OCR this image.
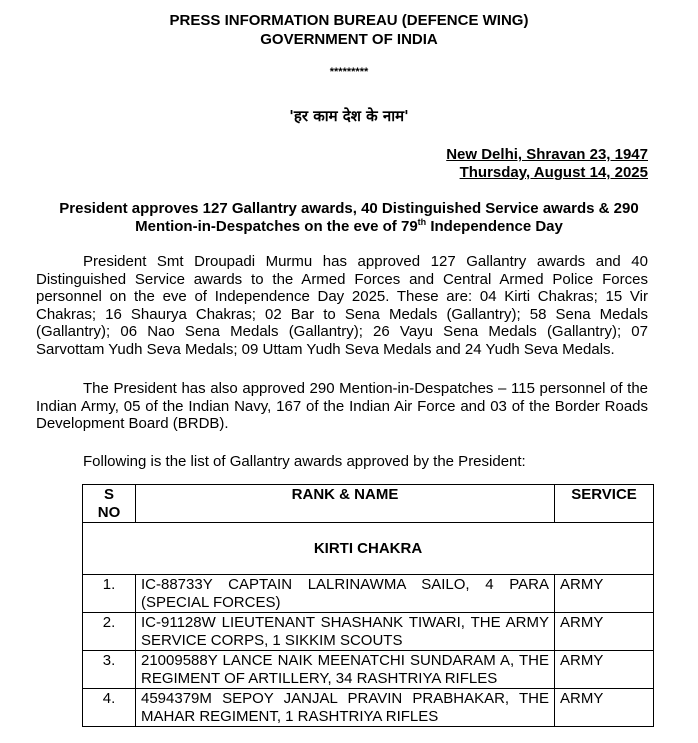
PRESS INFORMATION BUREAU (DEFENCE WING)
GOVERNMENT OF INDIA
*********
'हर काम देश के नाम'
New Delhi, Shravan 23, 1947
Thursday, August 14, 2025
President approves 127 Gallantry awards, 40 Distinguished Service awards & 290
Mention-in-Despatches on the eve of 79th Independence Day

President Smt Droupadi Murmu has approved 127 Gallantry awards and 40 Distinguished Service awards to the Armed Forces and Central Armed Police Forces personnel on the eve of Independence Day 2025. These are: 04 Kirti Chakras; 15 Vir Chakras; 16 Shaurya Chakras; 02 Bar to Sena Medals (Gallantry); 58 Sena Medals (Gallantry); 06 Nao Sena Medals (Gallantry); 26 Vayu Sena Medals (Gallantry); 07 Sarvottam Yudh Seva Medals; 09 Uttam Yudh Seva Medals and 24 Yudh Seva Medals.

The President has also approved 290 Mention-in-Despatches – 115 personnel of the Indian Army, 05 of the Indian Navy, 167 of the Indian Air Force and 03 of the Border Roads Development Board (BRDB).

Following is the list of Gallantry awards approved by the President:

S
NO	RANK & NAME	SERVICE
KIRTI CHAKRA		
1.	IC-88733Y CAPTAIN LALRINAWMA SAILO, 4 PARA (SPECIAL FORCES)	ARMY
2.	IC-91128W LIEUTENANT SHASHANK TIWARI, THE ARMY SERVICE CORPS, 1 SIKKIM SCOUTS	ARMY
3.	21009588Y LANCE NAIK MEENATCHI SUNDARAM A, THE REGIMENT OF ARTILLERY, 34 RASHTRIYA RIFLES	ARMY
4.	4594379M SEPOY JANJAL PRAVIN PRABHAKAR, THE MAHAR REGIMENT, 1 RASHTRIYA RIFLES	ARMY
